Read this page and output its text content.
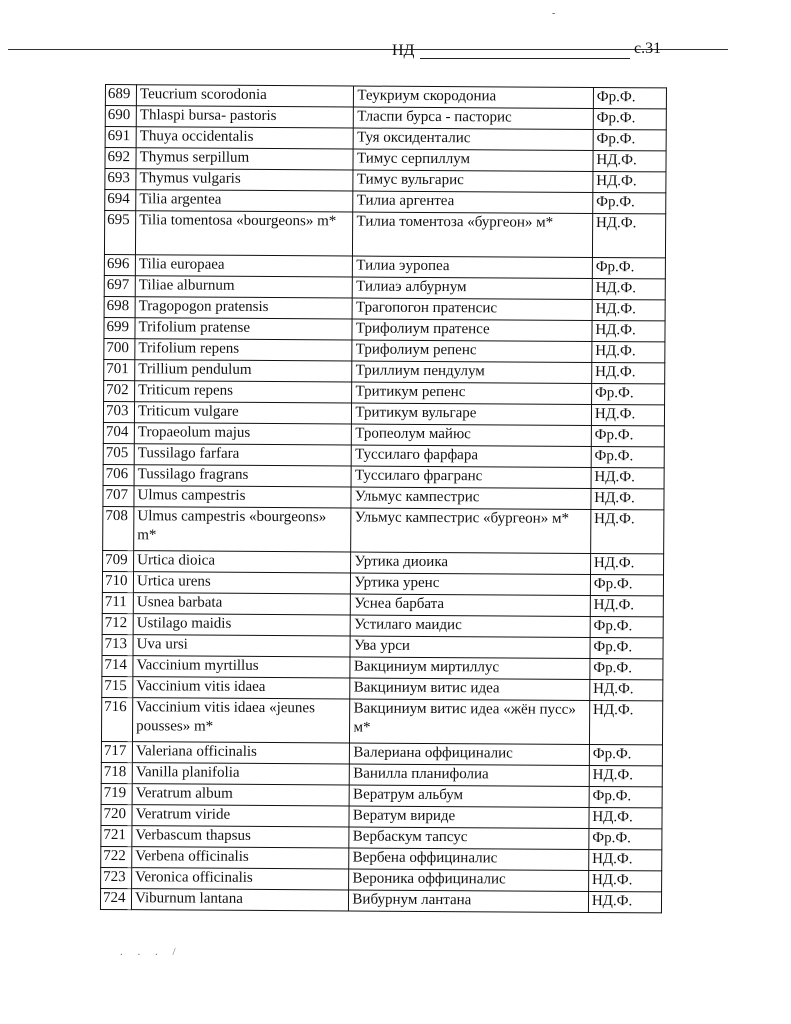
-
НД	с.31
689	Teucrium scorodonia	Теукриум скородониа	Фр.Ф.
690	Thlaspi bursa- pastoris	Тласпи бурса - пасторис	Фр.Ф.
691	Thuya occidentalis	Туя оксиденталис	Фр.Ф.
692	Thymus serpillum	Тимус серпиллум	НД.Ф.
693	Thymus vulgaris	Тимус вульгарис	НД.Ф.
694	Tilia argentea	Тилиа аргентеа	Фр.Ф.
695	Tilia tomentosa «bourgeons» m*	Тилиа томентоза «бургеон» м*	НД.Ф.
696	Tilia europaea	Тилиа эуропеа	Фр.Ф.
697	Tiliae alburnum	Тилиаэ албурнум	НД.Ф.
698	Tragopogon pratensis	Трагопогон пратенсис	НД.Ф.
699	Trifolium pratense	Трифолиум пратенсе	НД.Ф.
700	Trifolium repens	Трифолиум репенс	НД.Ф.
701	Trillium pendulum	Триллиум пендулум	НД.Ф.
702	Triticum repens	Тритикум репенс	Фр.Ф.
703	Triticum vulgare	Тритикум вульгаре	НД.Ф.
704	Tropaeolum majus	Тропеолум майюс	Фр.Ф.
705	Tussilago farfara	Туссилаго фарфара	Фр.Ф.
706	Tussilago fragrans	Туссилаго фрагранс	НД.Ф.
707	Ulmus campestris	Ульмус кампестрис	НД.Ф.
708	Ulmus campestris «bourgeons» m*	Ульмус кампестрис «бургеон» м*	НД.Ф.
709	Urtica dioica	Уртика диоика	НД.Ф.
710	Urtica urens	Уртика уренс	Фр.Ф.
711	Usnea barbata	Уснеа барбата	НД.Ф.
712	Ustilago maidis	Устилаго маидис	Фр.Ф.
713	Uva ursi	Ува урси	Фр.Ф.
714	Vaccinium myrtillus	Вакциниум миртиллус	Фр.Ф.
715	Vaccinium vitis idaea	Вакциниум витис идеа	НД.Ф.
716	Vaccinium vitis idaea «jeunes pousses» m*	Вакциниум витис идеа «жён пусс» м*	НД.Ф.
717	Valeriana officinalis	Валериана оффициналис	Фр.Ф.
718	Vanilla planifolia	Ванилла планифолиа	НД.Ф.
719	Veratrum album	Вератрум альбум	Фр.Ф.
720	Veratrum viride	Вератум вириде	НД.Ф.
721	Verbascum thapsus	Вербаскум тапсус	Фр.Ф.
722	Verbena officinalis	Вербена оффициналис	НД.Ф.
723	Veronica officinalis	Вероника оффициналис	НД.Ф.
724	Viburnum lantana	Вибурнум лантана	НД.Ф.
. . . /
